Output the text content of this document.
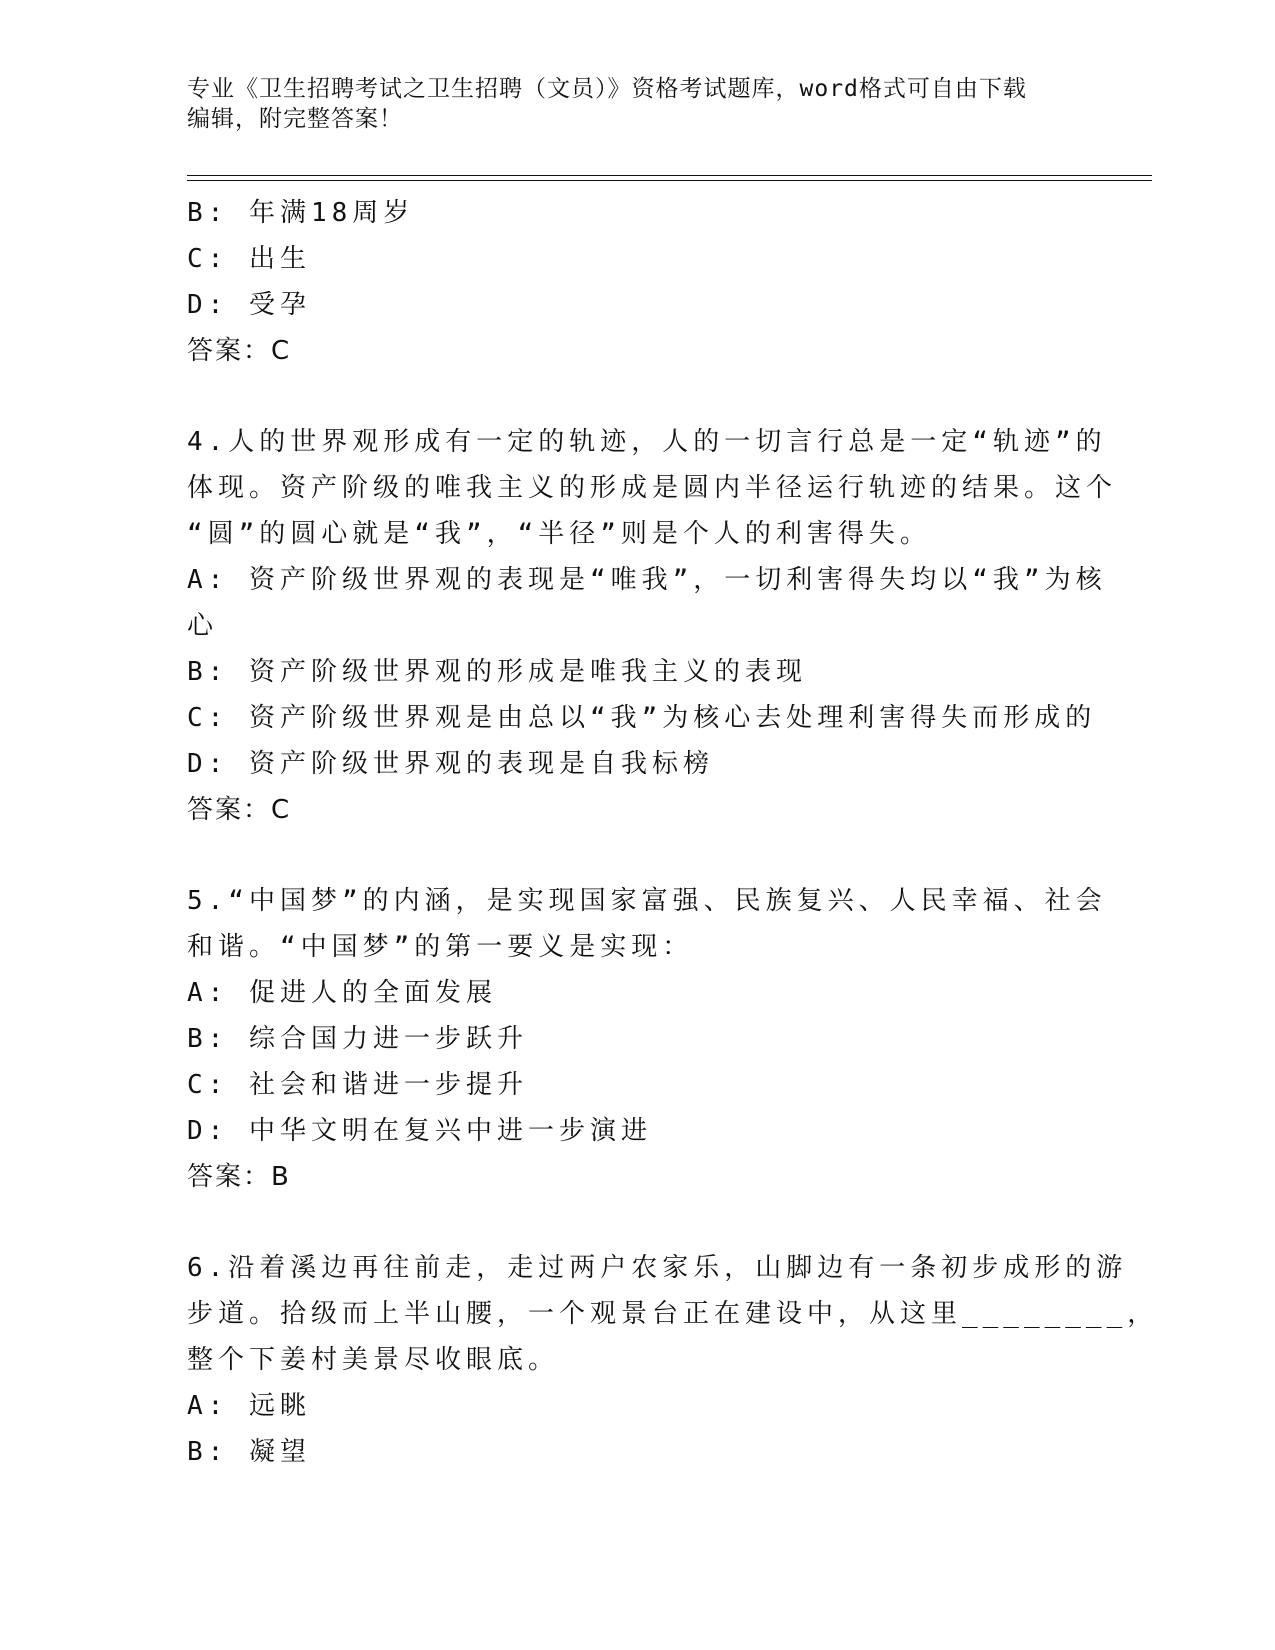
专业《卫生招聘考试之卫生招聘（文员）》资格考试题库，word格式可自由下载
编辑，附完整答案！
B: 年满18周岁
C: 出生
D: 受孕
答案：C
4.人的世界观形成有一定的轨迹，人的一切言行总是一定“轨迹”的
体现。资产阶级的唯我主义的形成是圆内半径运行轨迹的结果。这个
“圆”的圆心就是“我”，“半径”则是个人的利害得失。
A: 资产阶级世界观的表现是“唯我”，一切利害得失均以“我”为核
心
B: 资产阶级世界观的形成是唯我主义的表现
C: 资产阶级世界观是由总以“我”为核心去处理利害得失而形成的
D: 资产阶级世界观的表现是自我标榜
答案：C
5.“中国梦”的内涵，是实现国家富强、民族复兴、人民幸福、社会
和谐。“中国梦”的第一要义是实现：
A: 促进人的全面发展
B: 综合国力进一步跃升
C: 社会和谐进一步提升
D: 中华文明在复兴中进一步演进
答案：B
6.沿着溪边再往前走，走过两户农家乐，山脚边有一条初步成形的游
步道。拾级而上半山腰，一个观景台正在建设中，从这里________，
整个下姜村美景尽收眼底。
A: 远眺
B: 凝望
